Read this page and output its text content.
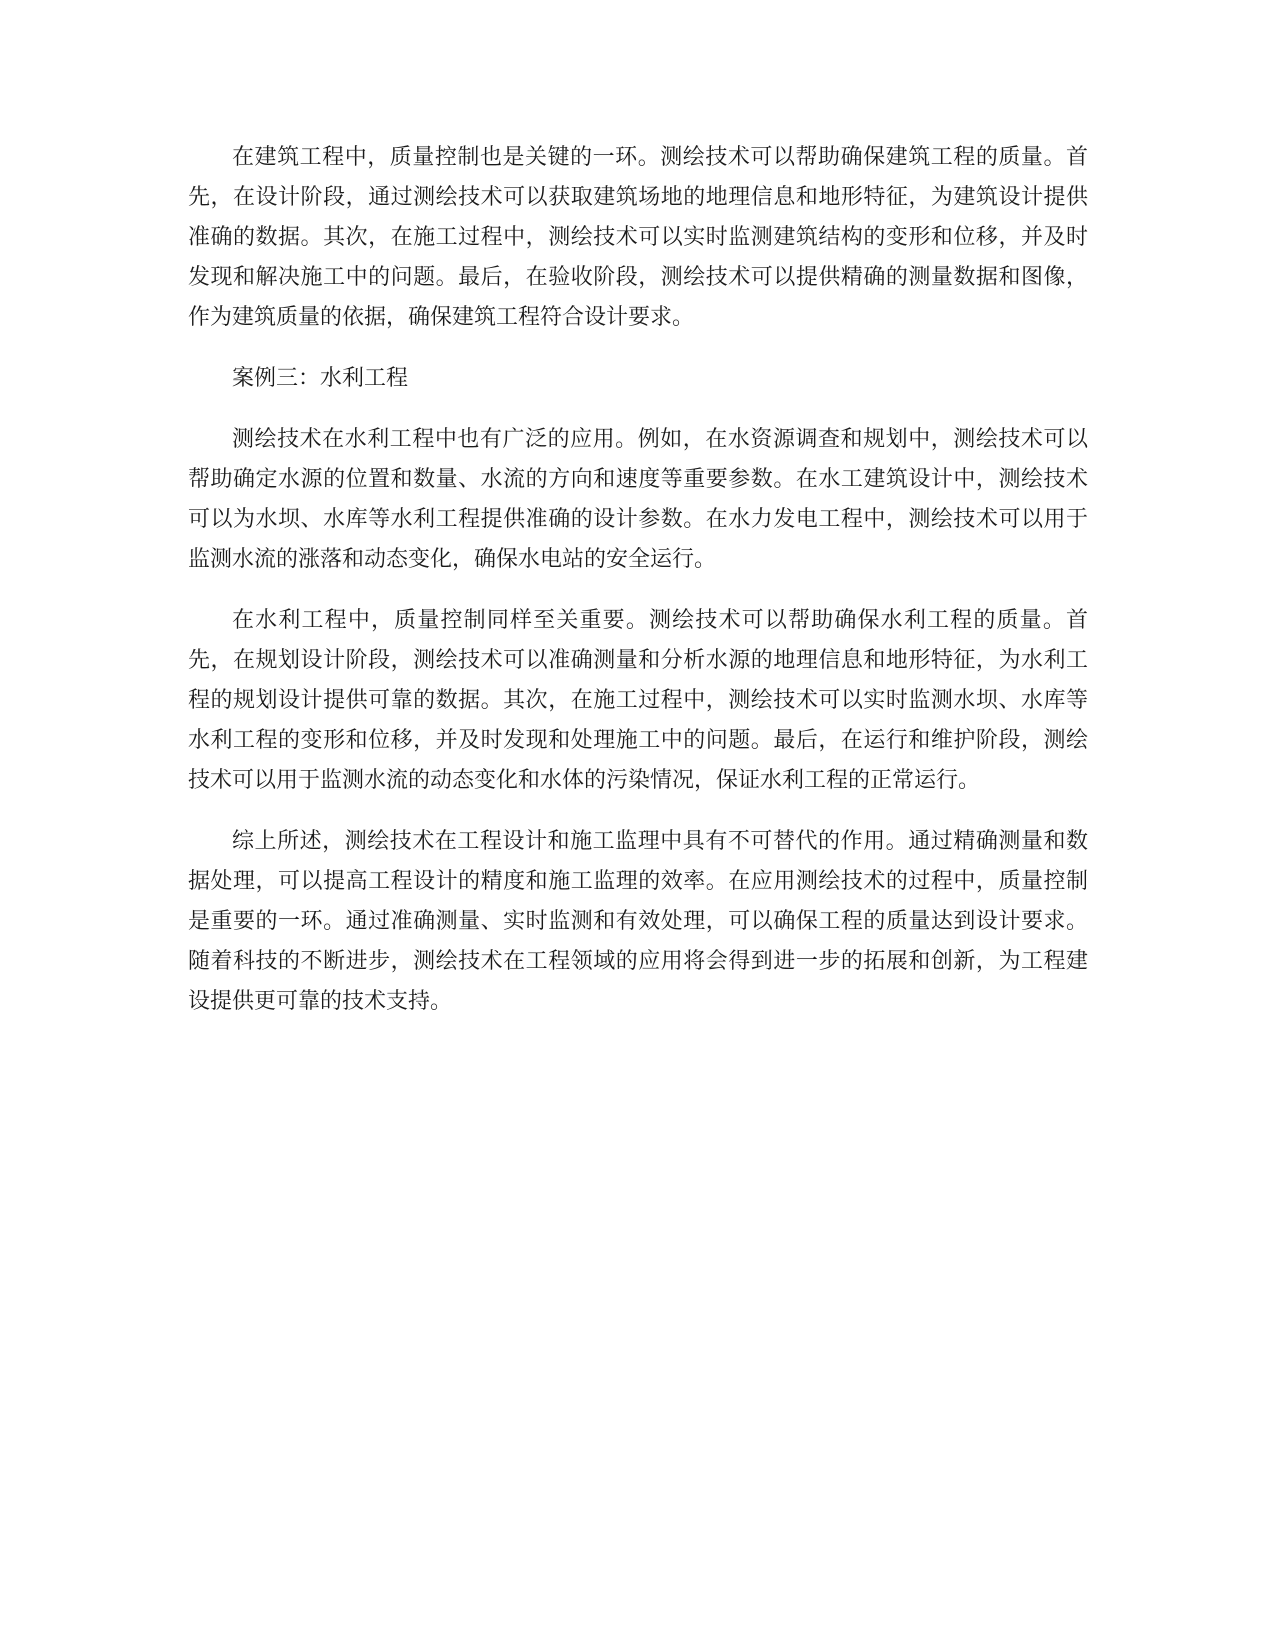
在建筑工程中，质量控制也是关键的一环。测绘技术可以帮助确保建筑工程的质量。首先，在设计阶段，通过测绘技术可以获取建筑场地的地理信息和地形特征，为建筑设计提供准确的数据。其次，在施工过程中，测绘技术可以实时监测建筑结构的变形和位移，并及时发现和解决施工中的问题。最后，在验收阶段，测绘技术可以提供精确的测量数据和图像，作为建筑质量的依据，确保建筑工程符合设计要求。

案例三：水利工程

测绘技术在水利工程中也有广泛的应用。例如，在水资源调查和规划中，测绘技术可以帮助确定水源的位置和数量、水流的方向和速度等重要参数。在水工建筑设计中，测绘技术可以为水坝、水库等水利工程提供准确的设计参数。在水力发电工程中，测绘技术可以用于监测水流的涨落和动态变化，确保水电站的安全运行。

在水利工程中，质量控制同样至关重要。测绘技术可以帮助确保水利工程的质量。首先，在规划设计阶段，测绘技术可以准确测量和分析水源的地理信息和地形特征，为水利工程的规划设计提供可靠的数据。其次，在施工过程中，测绘技术可以实时监测水坝、水库等水利工程的变形和位移，并及时发现和处理施工中的问题。最后，在运行和维护阶段，测绘技术可以用于监测水流的动态变化和水体的污染情况，保证水利工程的正常运行。

综上所述，测绘技术在工程设计和施工监理中具有不可替代的作用。通过精确测量和数据处理，可以提高工程设计的精度和施工监理的效率。在应用测绘技术的过程中，质量控制是重要的一环。通过准确测量、实时监测和有效处理，可以确保工程的质量达到设计要求。随着科技的不断进步，测绘技术在工程领域的应用将会得到进一步的拓展和创新，为工程建设提供更可靠的技术支持。
